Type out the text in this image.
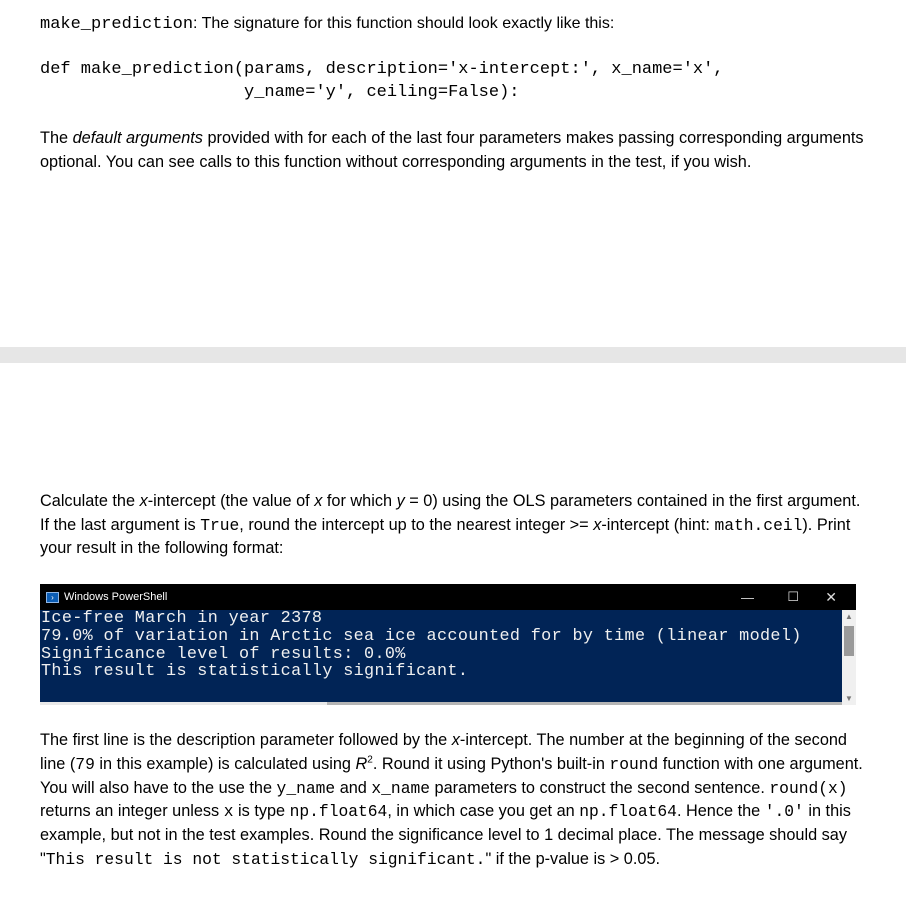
make_prediction: The signature for this function should look exactly like this:
def make_prediction(params, description='x-intercept:', x_name='x',
y_name='y', ceiling=False):
The default arguments provided with for each of the last four parameters makes passing corresponding arguments optional. You can see calls to this function without corresponding arguments in the test, if you wish.
Calculate the x-intercept (the value of x for which y = 0) using the OLS parameters contained in the first argument. If the last argument is True, round the intercept up to the nearest integer >= x-intercept (hint: math.ceil). Print your result in the following format:
› Windows PowerShell	—	☐ ✕
Ice-free March in year 2378
79.0% of variation in Arctic sea ice accounted for by time (linear model)
Significance level of results: 0.0%
This result is statistically significant.
▲
▼
The first line is the description parameter followed by the x-intercept. The number at the beginning of the second line (79 in this example) is calculated using $R^2$. Round it using Python's built-in round function with one argument. You will also have to the use the y_name and x_name parameters to construct the second sentence. round(x) returns an integer unless x is type np.float64, in which case you get an np.float64. Hence the '.0' in this example, but not in the test examples. Round the significance level to 1 decimal place. The message should say "This result is not statistically significant." if the p-value is > 0.05.
